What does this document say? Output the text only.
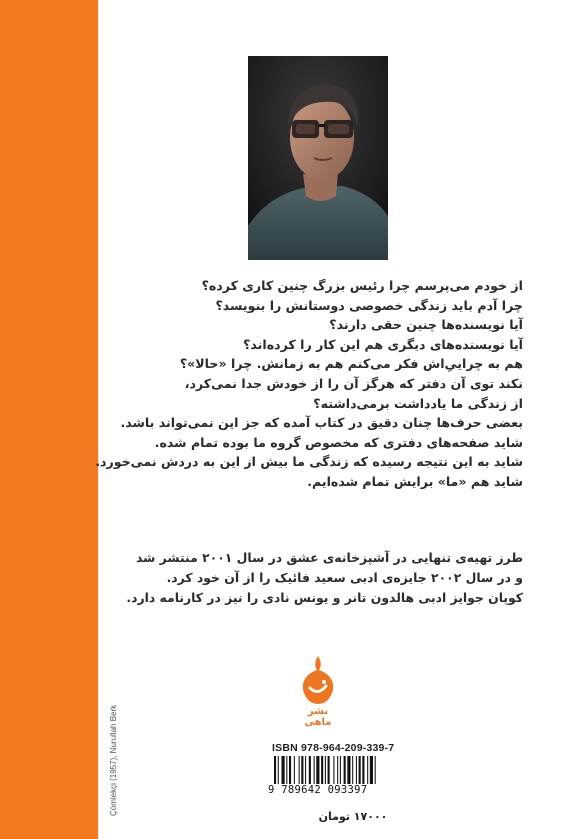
Çömlekçi (1957), Nurullah Berk
از خودم می‌پرسم چرا رئیس بزرگ چنین کاری کرده؟
چرا آدم باید زندگی خصوصی دوستانش را بنویسد؟
آیا نویسنده‌ها چنین حقی دارند؟
آیا نویسنده‌های دیگری هم این کار را کرده‌اند؟
هم به چراییِ‌اش فکر می‌کنم هم به زمانش. چرا «حالا»؟
نکند توی آن دفتر که هرگز آن را از خودش جدا نمی‌کرد،
از زندگی ما یادداشت برمی‌داشته؟
بعضی حرف‌ها چنان دقیق در کتاب آمده که جز این نمی‌تواند باشد.
شاید صفحه‌های دفتری که مخصوص گروه ما بوده تمام شده.
شاید به این نتیجه رسیده که زندگی ما بیش از این به دردش نمی‌خورد.
شاید هم «ما» برایش تمام شده‌ایم.
طرز تهیه‌ی تنهایی در آشپزخانه‌ی عشق در سال ۲۰۰۱ منتشر شد
و در سال ۲۰۰۲ جایزه‌ی ادبی سعید فائیک را از آن خود کرد.
کوپان جوایز ادبی هالدون تانر و یونس نادی را نیز در کارنامه دارد.
نشر ماهی
ISBN 978-964-209-339-7
9 789642 093397
۱۷۰۰۰ تومان
